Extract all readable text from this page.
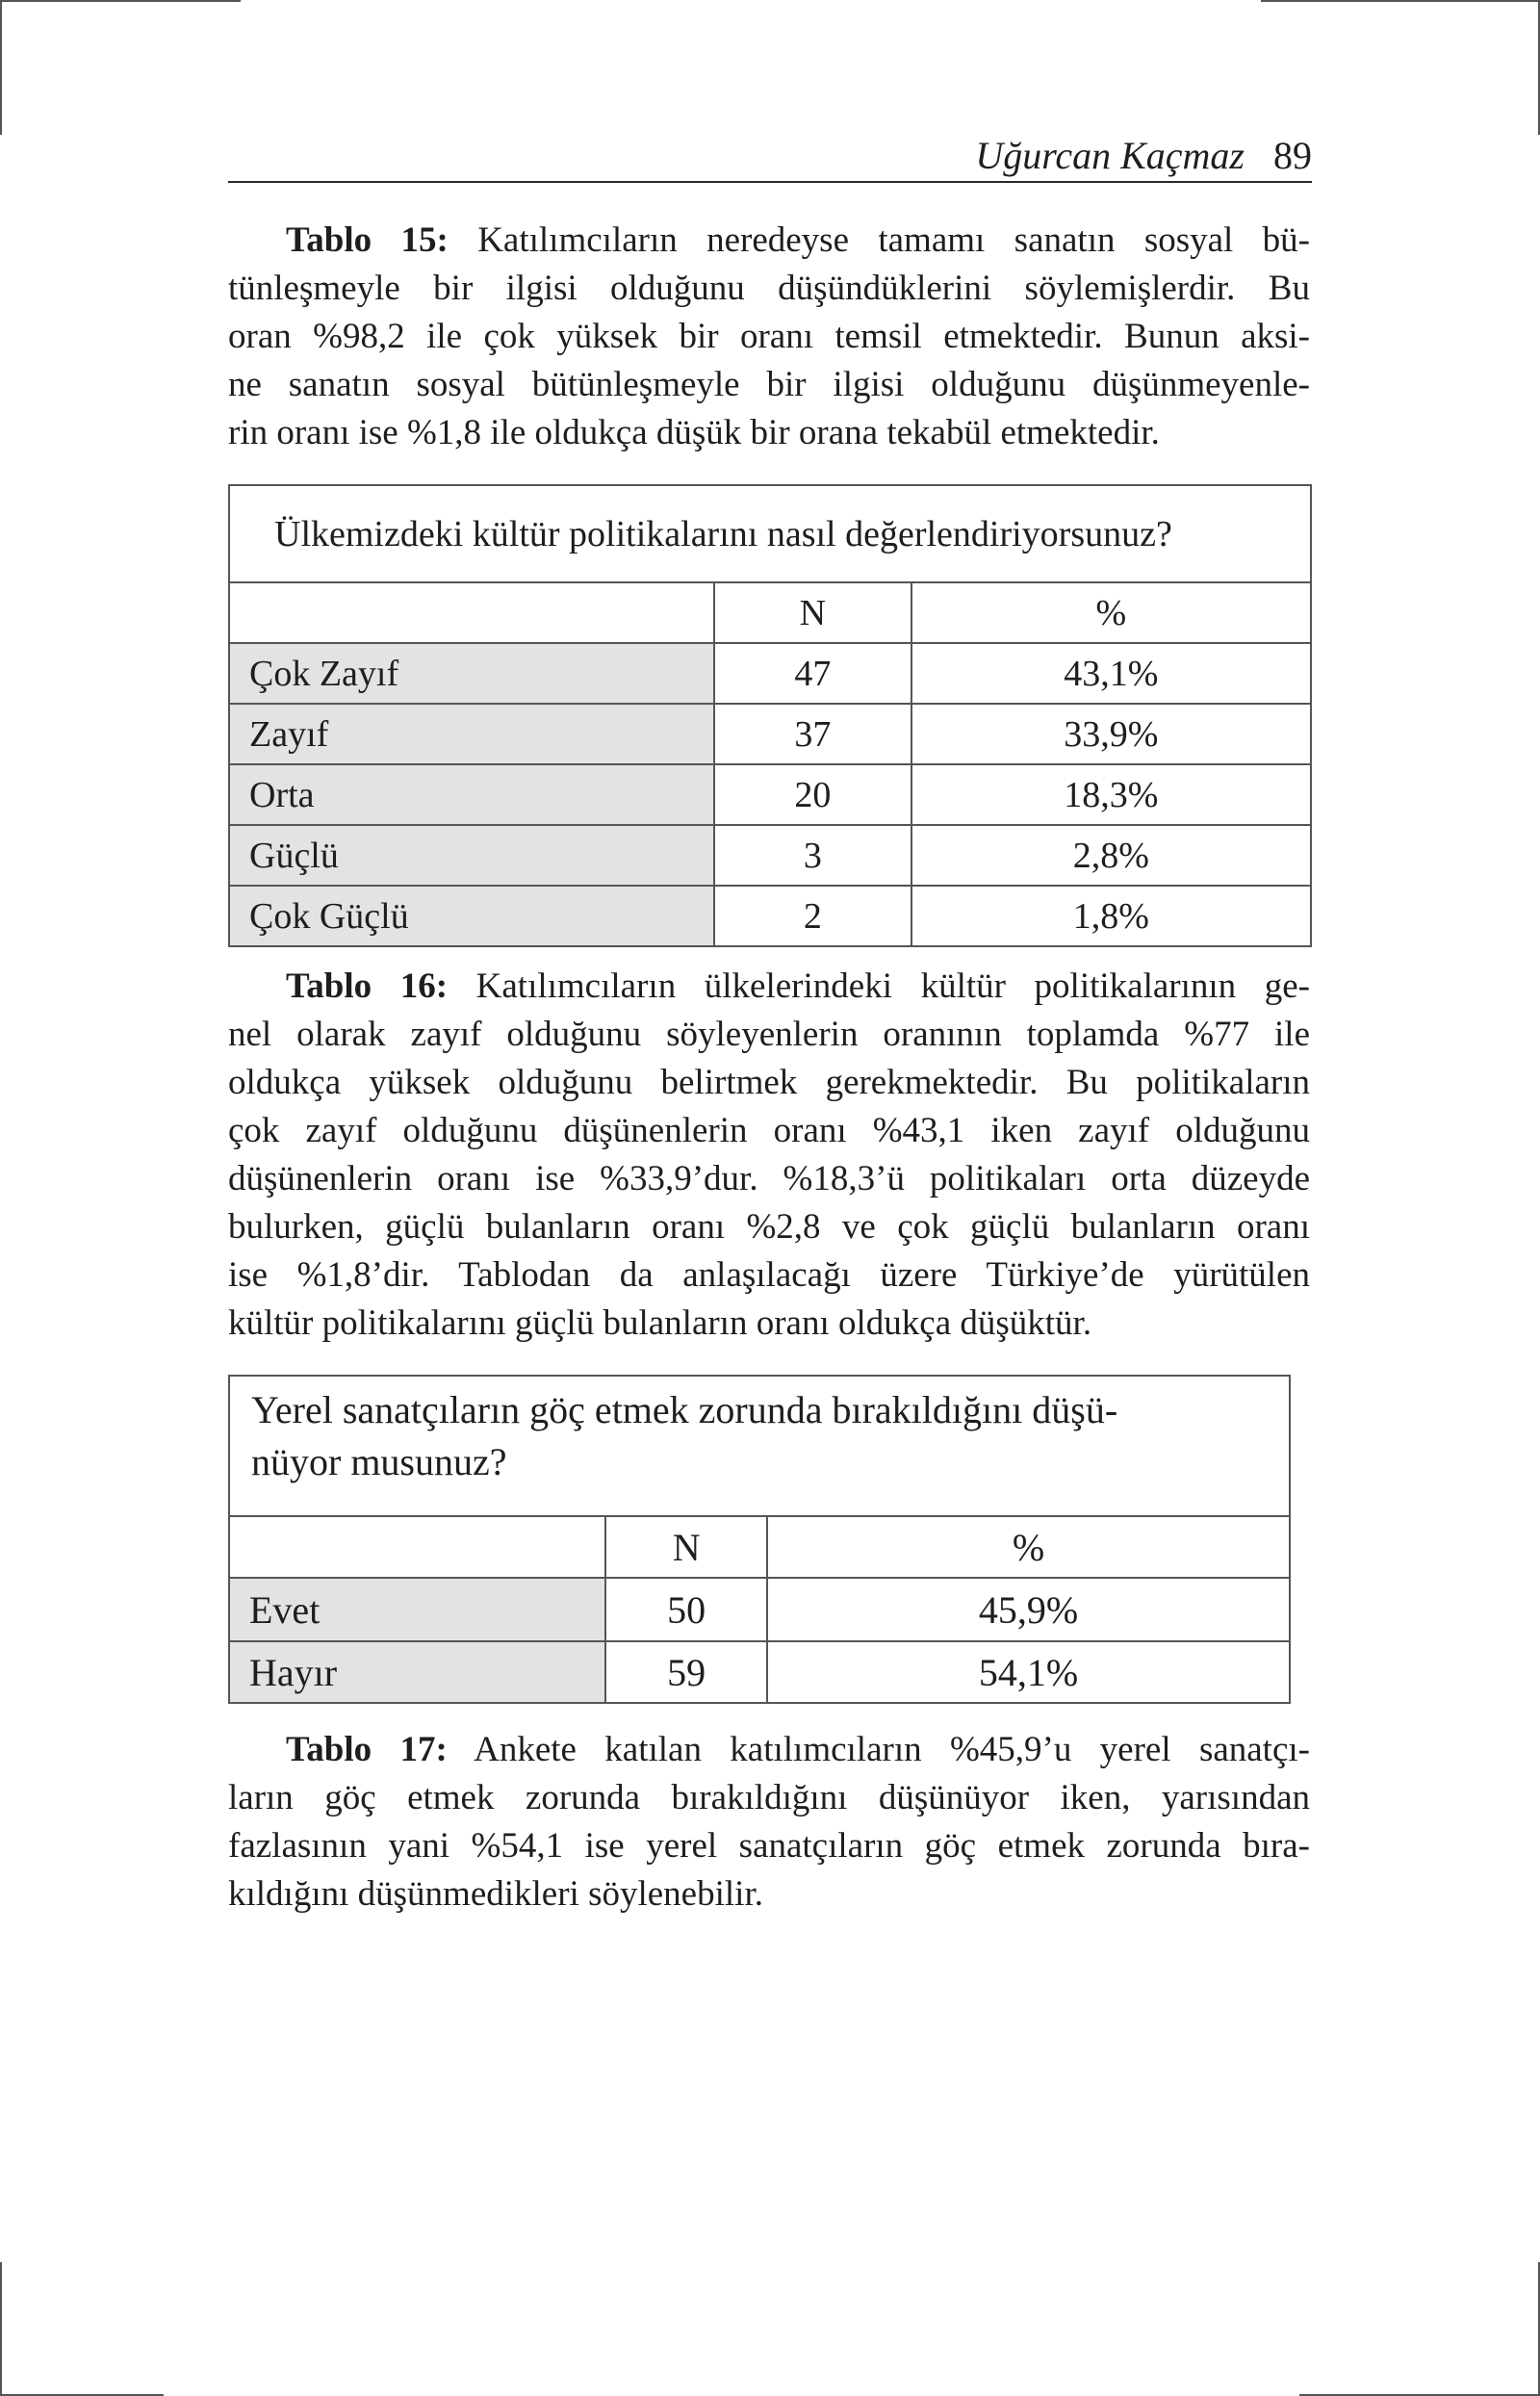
Uğurcan Kaçmaz 89
Tablo 15: Katılımcıların neredeyse tamamı sanatın sosyal bü-
tünleşmeyle bir ilgisi olduğunu düşündüklerini söylemişlerdir. Bu
oran %98,2 ile çok yüksek bir oranı temsil etmektedir. Bunun aksi-
ne sanatın sosyal bütünleşmeyle bir ilgisi olduğunu düşünmeyenle-
rin oranı ise %1,8 ile oldukça düşük bir orana tekabül etmektedir.
Ülkemizdeki kültür politikalarını nasıl değerlendiriyorsunuz?		
	N	%
Çok Zayıf	47	43,1%
Zayıf	37	33,9%
Orta	20	18,3%
Güçlü	3	2,8%
Çok Güçlü	2	1,8%
Tablo 16: Katılımcıların ülkelerindeki kültür politikalarının ge-
nel olarak zayıf olduğunu söyleyenlerin oranının toplamda %77 ile
oldukça yüksek olduğunu belirtmek gerekmektedir. Bu politikaların
çok zayıf olduğunu düşünenlerin oranı %43,1 iken zayıf olduğunu
düşünenlerin oranı ise %33,9’dur. %18,3’ü politikaları orta düzeyde
bulurken, güçlü bulanların oranı %2,8 ve çok güçlü bulanların oranı
ise %1,8’dir. Tablodan da anlaşılacağı üzere Türkiye’de yürütülen
kültür politikalarını güçlü bulanların oranı oldukça düşüktür.
Yerel sanatçıların göç etmek zorunda bırakıldığını düşü-
nüyor musunuz?		

	N	%
Evet	50	45,9%
Hayır	59	54,1%
Tablo 17: Ankete katılan katılımcıların %45,9’u yerel sanatçı-
ların göç etmek zorunda bırakıldığını düşünüyor iken, yarısından
fazlasının yani %54,1 ise yerel sanatçıların göç etmek zorunda bıra-
kıldığını düşünmedikleri söylenebilir.
